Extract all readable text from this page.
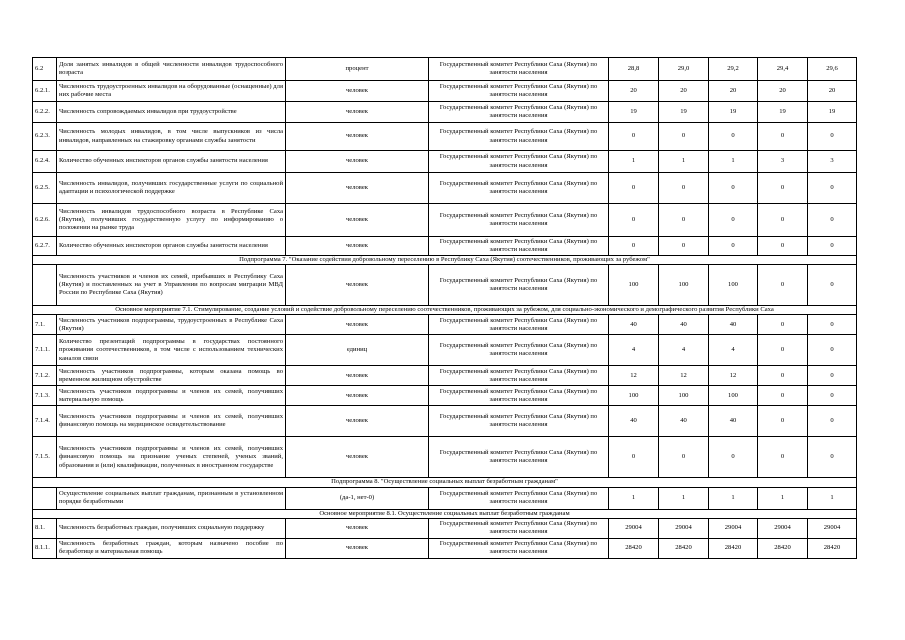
6.2	Доля занятых инвалидов в общей численности инвалидов трудоспособного возраста	процент	Государственный комитет Республики Саха (Якутия) по занятости населения	28,8	29,0	29,2	29,4	29,6
6.2.1.	Численность трудоустроенных инвалидов на оборудованные (оснащенные) для них рабочие места	человек	Государственный комитет Республики Саха (Якутия) по занятости населения	20	20	20	20	20
6.2.2.	Численность сопровождаемых инвалидов при трудоустройстве	человек	Государственный комитет Республики Саха (Якутия) по занятости населения	19	19	19	19	19
6.2.3.	Численность молодых инвалидов, в том числе выпускников из числа инвалидов, направленных на стажировку органами службы занятости	человек	Государственный комитет Республики Саха (Якутия) по занятости населения	0	0	0	0	0
6.2.4.	Количество обученных инспекторов органов службы занятости населения	человек	Государственный комитет Республики Саха (Якутия) по занятости населения	1	1	1	3	3
6.2.5.	Численность инвалидов, получивших государственные услуги по социальной адаптации и психологической поддержке	человек	Государственный комитет Республики Саха (Якутия) по занятости населения	0	0	0	0	0
6.2.6.	Численность инвалидов трудоспособного возраста в Республике Саха (Якутия), получивших государственную услугу по информированию о положении на рынке труда	человек	Государственный комитет Республики Саха (Якутия) по занятости населения	0	0	0	0	0
6.2.7.	Количество обученных инспекторов органов службы занятости населения	человек	Государственный комитет Республики Саха (Якутия) по занятости населения	0	0	0	0	0
Подпрограмма 7. "Оказание содействия добровольному переселению в Республику Саха (Якутия) соотечественников, проживающих за рубежом"								
	Численность участников и членов их семей, прибывших в Республику Саха (Якутия) и поставленных на учет в Управлении по вопросам миграции МВД России по Республике Саха (Якутия)	человек	Государственный комитет Республики Саха (Якутия) по занятости населения	100	100	100	0	0
Основное мероприятие 7.1. Стимулирование, создание условий и содействие добровольному переселению соотечественников, проживающих за рубежом, для социально-экономического и демографического развития Республики Саха								
7.1.	Численность участников подпрограммы, трудоустроенных в Республике Саха (Якутия)	человек	Государственный комитет Республики Саха (Якутия) по занятости населения	40	40	40	0	0
7.1.1.	Количество презентаций подпрограммы в государствах постоянного проживания соотечественников, в том числе с использованием технических каналов связи	единиц	Государственный комитет Республики Саха (Якутия) по занятости населения	4	4	4	0	0
7.1.2.	Численность участников подпрограммы, которым оказана помощь во временном жилищном обустройстве	человек	Государственный комитет Республики Саха (Якутия) по занятости населения	12	12	12	0	0
7.1.3.	Численность участников подпрограммы и членов их семей, получивших материальную помощь	человек	Государственный комитет Республики Саха (Якутия) по занятости населения	100	100	100	0	0
7.1.4.	Численность участников подпрограммы и членов их семей, получивших финансовую помощь на медицинское освидетельствование	человек	Государственный комитет Республики Саха (Якутия) по занятости населения	40	40	40	0	0
7.1.5.	Численность участников подпрограммы и членов их семей, получивших финансовую помощь на признание ученых степеней, ученых званий, образования и (или) квалификации, полученных в иностранном государстве	человек	Государственный комитет Республики Саха (Якутия) по занятости населения	0	0	0	0	0
Подпрограмма 8. "Осуществление социальных выплат безработным гражданам"								
	Осуществление социальных выплат гражданам, признанным в установленном порядке безработными	(да-1, нет-0)	Государственный комитет Республики Саха (Якутия) по занятости населения	1	1	1	1	1
Основное мероприятие 8.1. Осуществление социальных выплат безработным гражданам								
8.1.	Численность безработных граждан, получивших социальную поддержку	человек	Государственный комитет Республики Саха (Якутия) по занятости населения	29004	29004	29004	29004	29004
8.1.1.	Численность безработных граждан, которым назначено пособие по безработице и материальная помощь	человек	Государственный комитет Республики Саха (Якутия) по занятости населения	28420	28420	28420	28420	28420
